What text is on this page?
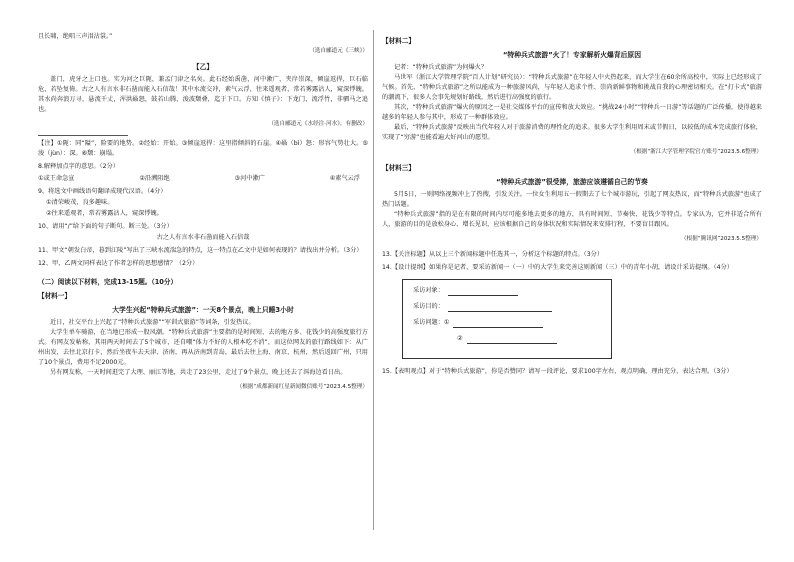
且长啸，绝唱三声泪沾裳。”

（选自郦道元《三峡》）
【乙】

盖门，虎牙之上口也。实为河之巨阨，兼孟门津之名矣。此石经始禹凿，河中漱广，夹岸崇深，倾崖返捍，巨石临危，若坠复倚。古之人有言水非石凿而能入石信哉！其中水流交冲，素气云浮，往来遥观者，常若雾露沾人，窥深悸魄。其水尚奔浪万寻，悬流千丈，浑洪赑怒，鼓若山腾，浚波颓叠，迄于下口。方知《慎子》：下龙门，流浮竹，非驷马之追也。

（选自郦道元《水经注·河水》，有删改）

【注】①阨：同“隘”，险要的地势。②经始：开始。③倾崖返捍：这里指倾斜的石崖。④赑（bì）怒：形容气势壮大。⑤浚（jùn）：深。⑥颓：崩塌。

8.解释加点字的意思。（2分）

①或王命急宣	②沿溯阻绝	③河中漱广	④素气云浮

9、将选文中画线语句翻译成现代汉语。（4分）

①清荣峻茂，良多趣味。

②往来遥观者，常若雾露沾人，窥深悸魄。

10、请用“/”给下面的句子断句。断三处。（3分）

古之人有言水非石凿而能入石信哉

11、甲文“朝发白帝，暮到江陵”写出了三峡水流湍急的特点，这一特点在乙文中是如何表现的？请找出并分析。（3分）

12、甲、乙两文同样表达了作者怎样的思想感情？（2分）

（二）阅读以下材料，完成13-15题。（10分）
【材料一】
大学生兴起“特种兵式旅游”：一天8个景点，晚上只睡3小时

近日，社交平台上兴起了“特种兵式旅游”“军训式旅游”等词条，引发热议。

大学生单车骑游，在当地已形成一股风潮。“特种兵式旅游”主要指的是时间短、去的地方多、花钱少的高强度旅行方式。有网友发帖称，其用两天时间去了5个城市，还自嘲“体力不好的人根本吃不消”，而这位网友的旅行路线如下：从广州出发，去往北京打卡，然后坐夜车去天津、济南，再从济南到青岛，最后去往上海、南京、杭州，然后返回广州，只用了10个景点，费用不足2000元。

另有网友称，一天时间逛完了大理、丽江等地，共走了23公里，走过了9个景点，晚上还去了洱海边看日出。

（根据“成都新闻红星新闻微信账号”2023.4.5整理）
【材料二】
“特种兵式旅游”火了！专家解析火爆背后原因

记者：“特种兵式旅游”为何爆火？

马世军（浙江大学管理学院“百人计划”研究员）：“特种兵式旅游”在年轻人中火热起来，而大学生在60余所高校中，实际上已经形成了气候。首先，“特种兵式旅游”之所以能成为一种旅游风尚，与年轻人追求个性、崇尚新鲜事物和挑战自我的心理密切相关。在“打卡式”旅游的潮流下，很多人会事先规划好路线，然后进行高强度的旅行。

其次，“特种兵式旅游”爆火的原因之一是社交媒体平台的宣传和放大效应。“挑战24小时”“特种兵一日游”等话题的广泛传播，使得越来越多的年轻人参与其中，形成了一种群体效应。

最后，“特种兵式旅游”反映出当代年轻人对于旅游消费的理性化的追求。很多大学生利用周末或节假日，以较低的成本完成旅行体验，实现了“穷游”也能看遍大好河山的愿望。

（根据“浙江大学管理学院官方账号”2023.5.6整理）
【材料三】
“特种兵式旅游”很受捧，旅游应该遵循自己的节奏

5月5日，一则网络视频冲上了热搜，引发关注。一位女生利用五一假期去了七个城市游玩，引起了网友热议，而“特种兵式旅游”也成了热门话题。

“特种兵式旅游”指的是在有限的时间内尽可能多地去更多的地方，具有时间短、节奏快、花钱少等特点。专家认为，它并非适合所有人，旅游的目的是放松身心、增长见识，应该根据自己的身体状况和实际情况来安排行程，不要盲目跟风。

（根据“腾讯网”2023.5.5整理）

13.【关注标题】从以上三个新闻标题中任选其一，分析这个标题的特点。（3分）

14.【设计提纲】如果你是记者，要采访新闻一（一）中的大学生来完善这则新闻（三）中的青年小胡，请设计采访提纲。（4分）

采访对象：
采访目的：
采访问题：①
②

15.【表明观点】对于“特种兵式旅游”，你是否赞同？请写一段评论，要求100字左右，观点明确，理由充分，表达合理。（3分）
